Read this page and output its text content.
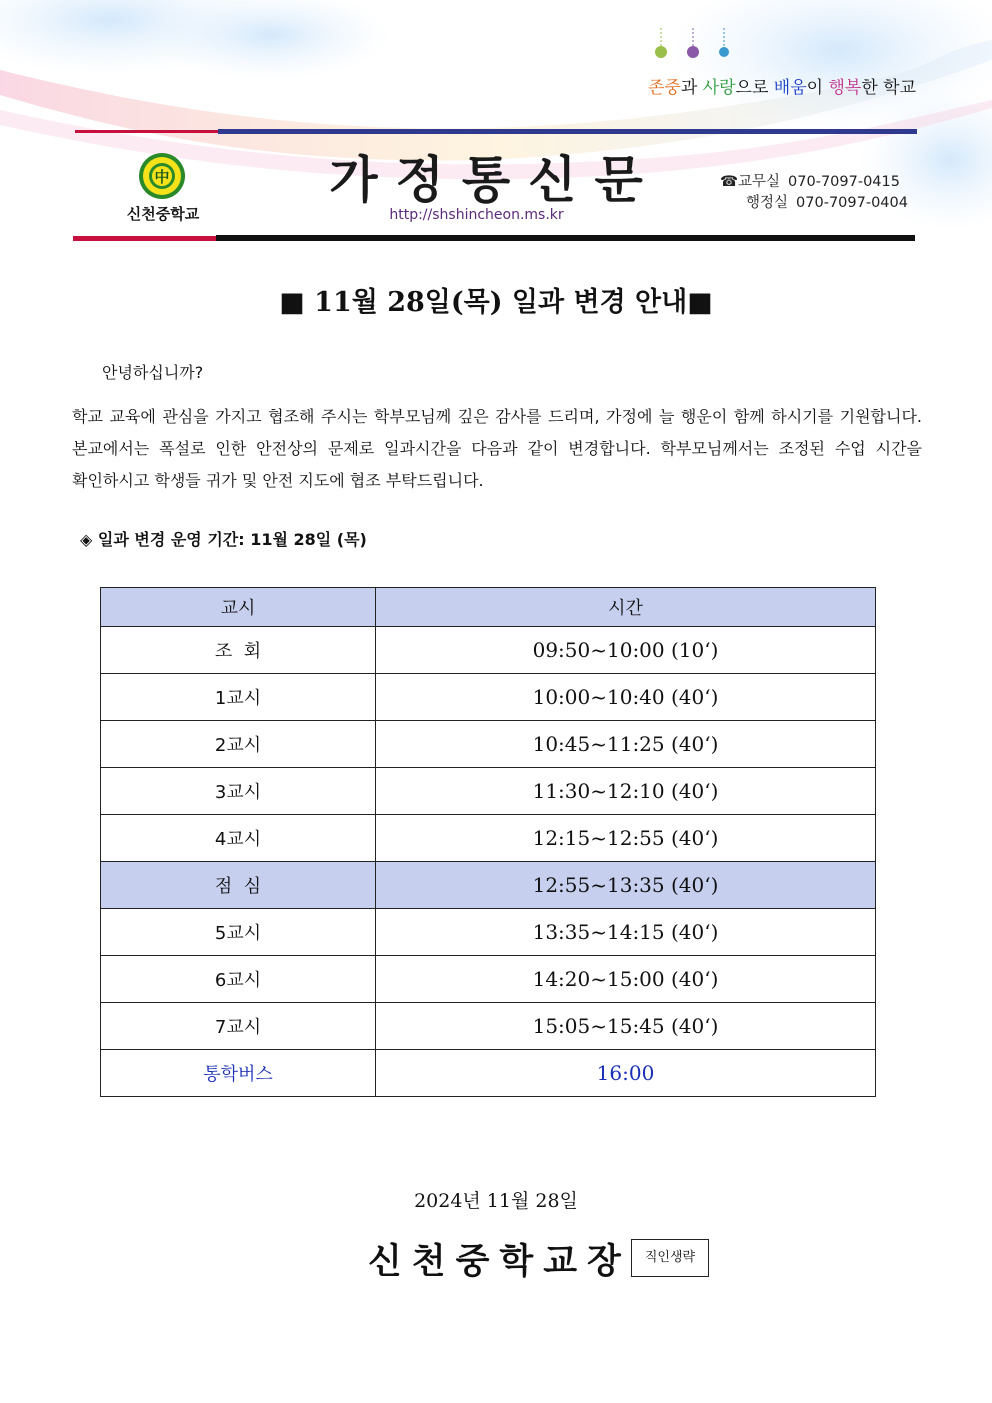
존중과 사랑으로 배움이 행복한 학교
中
신천중학교
가정통신문
http://shshincheon.ms.kr
☎교무실 070-7097-0415
행정실 070-7097-0404
■ 11월 28일(목) 일과 변경 안내■
안녕하십니까?
학교 교육에 관심을 가지고 협조해 주시는 학부모님께 깊은 감사를 드리며, 가정에 늘 행운이 함께 하시기를 기원합니다. 본교에서는 폭설로 인한 안전상의 문제로 일과시간을 다음과 같이 변경합니다. 학부모님께서는 조정된 수업 시간을 확인하시고 학생들 귀가 및 안전 지도에 협조 부탁드립니다.
◈ 일과 변경 운영 기간: 11월 28일 (목)
교시	시간
조  회	09:50~10:00 (10‘)
1교시	10:00~10:40 (40‘)
2교시	10:45~11:25 (40‘)
3교시	11:30~12:10 (40‘)
4교시	12:15~12:55 (40‘)
점  심	12:55~13:35 (40‘)
5교시	13:35~14:15 (40‘)
6교시	14:20~15:00 (40‘)
7교시	15:05~15:45 (40‘)
통학버스	16:00
2024년 11월 28일
신천중학교장	직인생략
